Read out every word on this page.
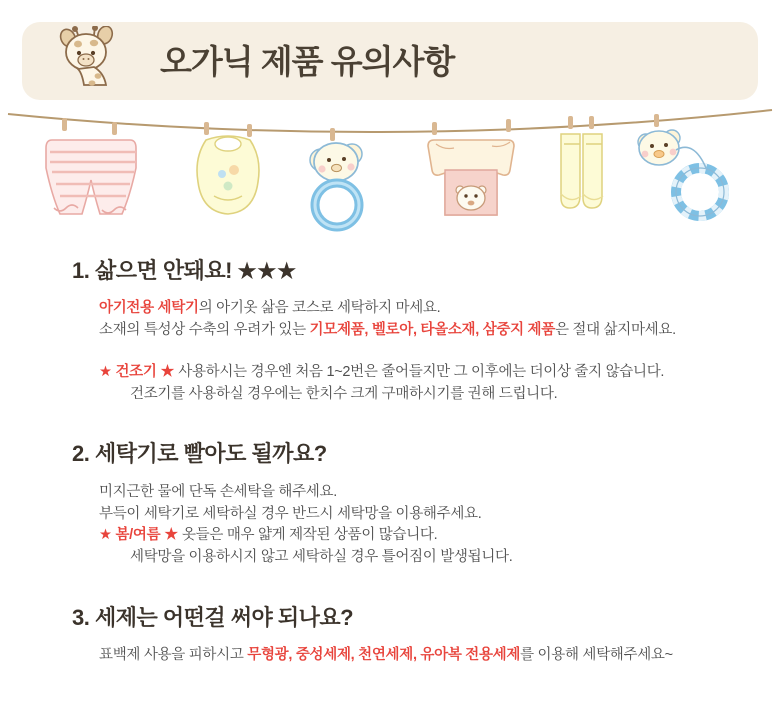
오가닉 제품 유의사항
1. 삶으면 안돼요! ★★★
아기전용 세탁기의 아기옷 삶음 코스로 세탁하지 마세요.
소재의 특성상 수축의 우려가 있는 기모제품, 벨로아, 타올소재, 삼중지 제품은 절대 삶지마세요.
★ 건조기 ★ 사용하시는 경우엔 처음 1~2번은 줄어들지만 그 이후에는 더이상 줄지 않습니다.
건조기를 사용하실 경우에는 한치수 크게 구매하시기를 권해 드립니다.
2. 세탁기로 빨아도 될까요?
미지근한 물에 단독 손세탁을 해주세요.
부득이 세탁기로 세탁하실 경우 반드시 세탁망을 이용해주세요.
★ 봄/여름 ★ 옷들은 매우 얇게 제작된 상품이 많습니다.
세탁망을 이용하시지 않고 세탁하실 경우 틀어짐이 발생됩니다.
3. 세제는 어떤걸 써야 되나요?
표백제 사용을 피하시고 무형광, 중성세제, 천연세제, 유아복 전용세제를 이용해 세탁해주세요~
